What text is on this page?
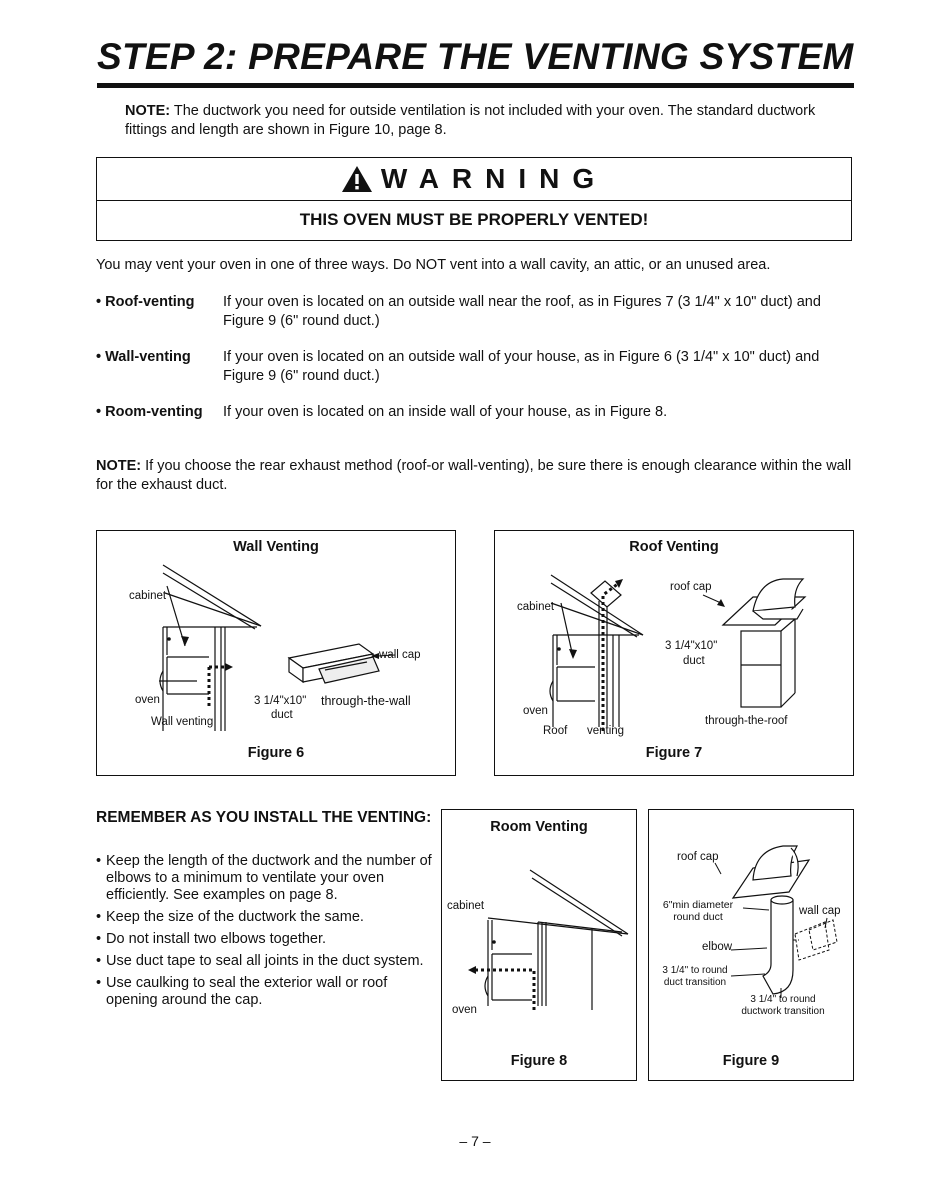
STEP 2: PREPARE THE VENTING SYSTEM
NOTE: The ductwork you need for outside ventilation is not included with your oven. The standard ductwork fittings and length are shown in Figure 10, page 8.
WARNING
THIS OVEN MUST BE PROPERLY VENTED!
You may vent your oven in one of three ways. Do NOT vent into a wall cavity, an attic, or an unused area.
• Roof-venting If your oven is located on an outside wall near the roof, as in Figures 7 (3 1/4" x 10" duct) and Figure 9 (6" round duct.)
• Wall-venting If your oven is located on an outside wall of your house, as in Figure 6 (3 1/4" x 10" duct) and Figure 9 (6" round duct.)
• Room-venting If your oven is located on an inside wall of your house, as in Figure 8.
NOTE: If you choose the rear exhaust method (roof-or wall-venting), be sure there is enough clearance within the wall for the exhaust duct.
Wall Venting
cabinet
oven
Wall venting
3 1/4"x10"
duct
through-the-wall
wall cap
Figure 6
Roof Venting
cabinet
oven
Roof venting
roof cap
3 1/4"x10"
duct
through-the-roof
Figure 7
REMEMBER AS YOU INSTALL THE VENTING:
• Keep the length of the ductwork and the number of elbows to a minimum to ventilate your oven efficiently. See examples on page 8.
• Keep the size of the ductwork the same.
• Do not install two elbows together.
• Use duct tape to seal all joints in the duct system.
• Use caulking to seal the exterior wall or roof opening around the cap.
Room Venting
cabinet
oven
Figure 8
roof cap
6"min diameter
round duct	wall cap
elbow
3 1/4" to round
duct transition
3 1/4" to round
ductwork transition
Figure 9
– 7 –
